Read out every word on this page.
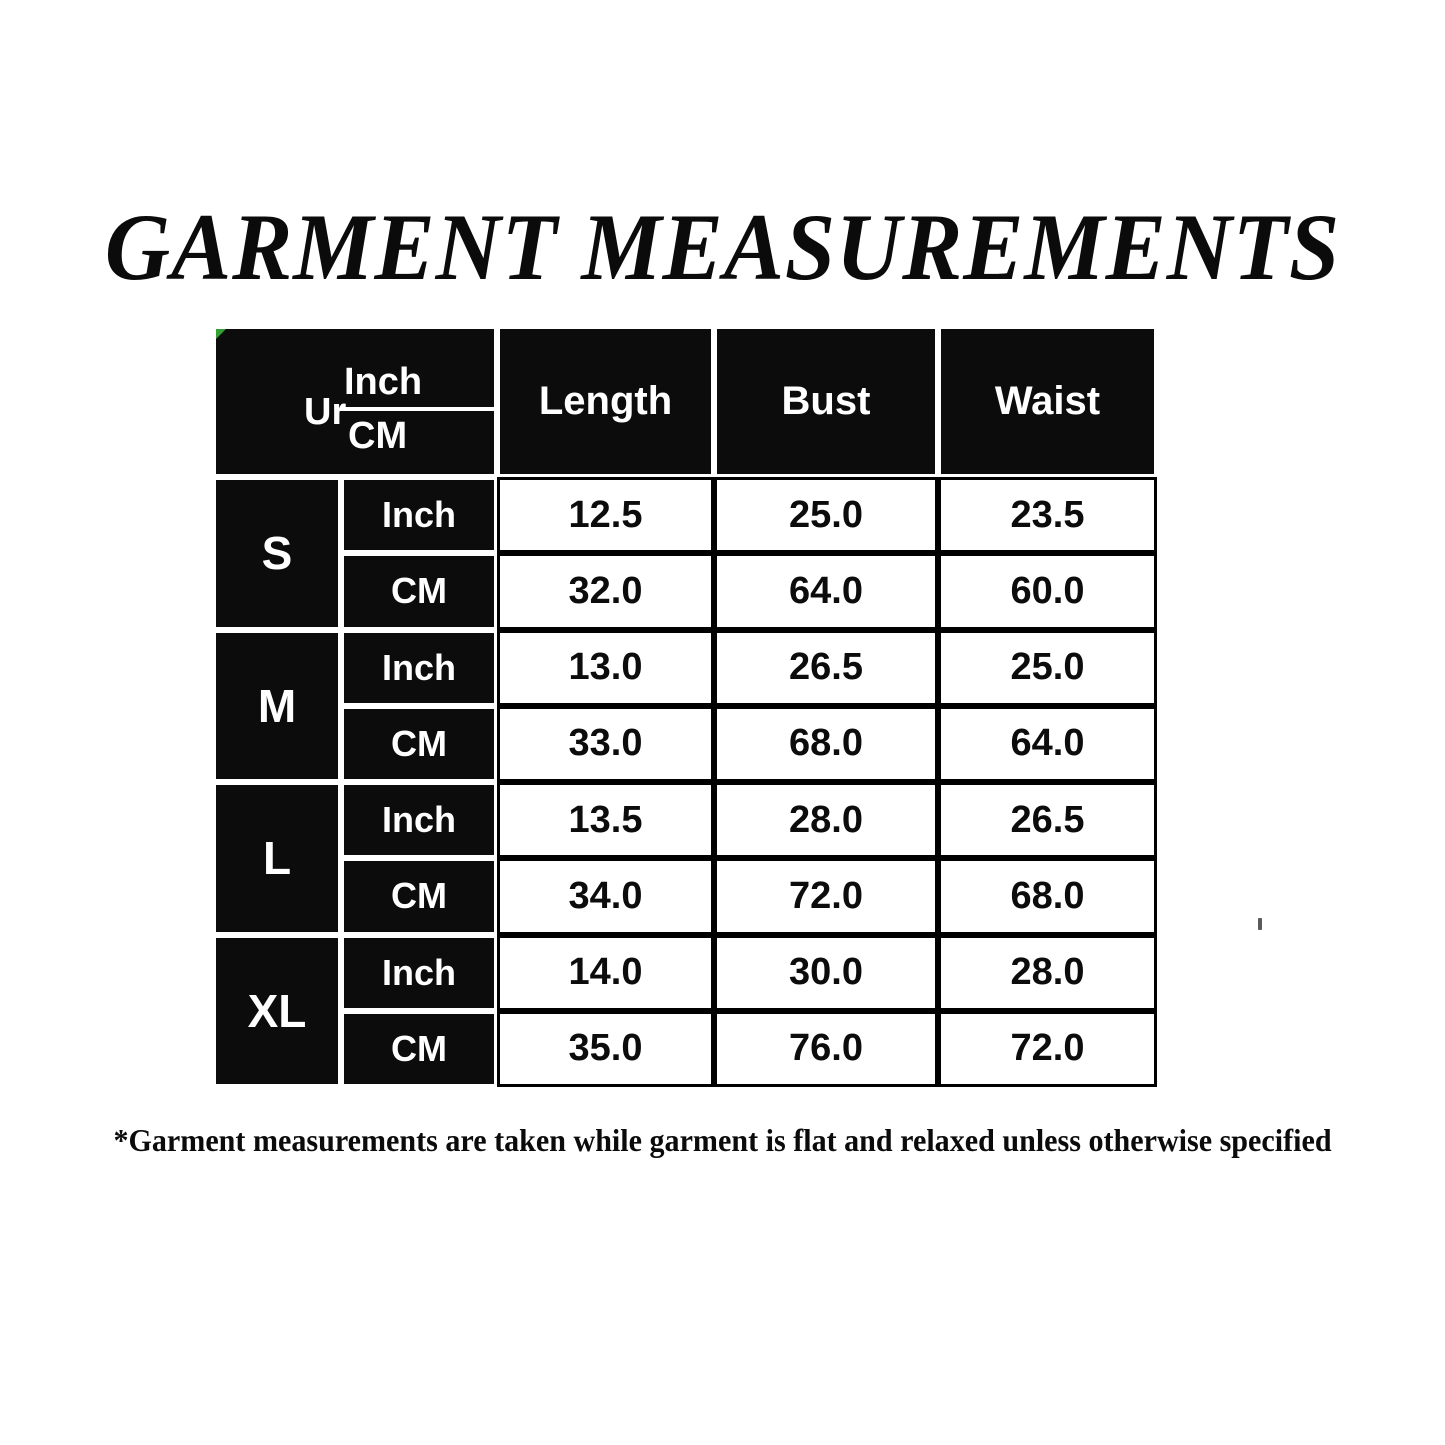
GARMENT MEASUREMENTS
Ur
$\frac{\text{Inch}}{CM}$	Length	Bust	Waist
S
Inch	12.5	25.0	23.5
CM	32.0	64.0	60.0
M
Inch	13.0	26.5	25.0
CM	33.0	68.0	64.0
L
Inch	13.5	28.0	26.5
CM	34.0	72.0	68.0
XL
Inch	14.0	30.0	28.0
CM	35.0	76.0	72.0
*Garment measurements are taken while garment is flat and relaxed unless otherwise specified
